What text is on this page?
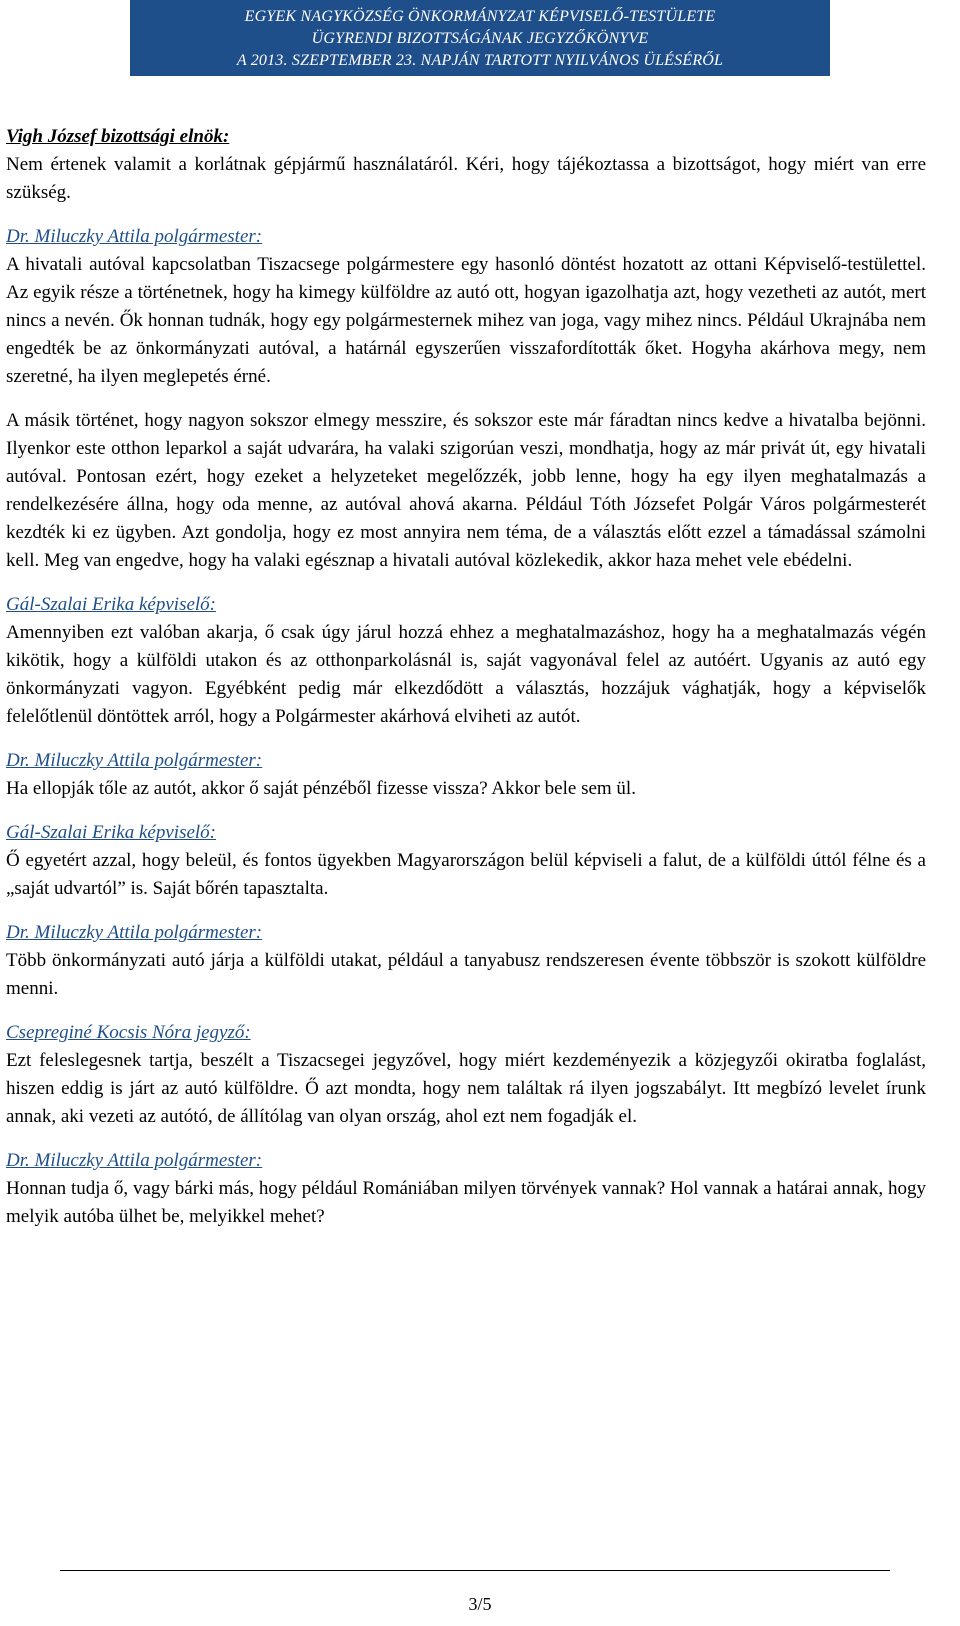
EGYEK NAGYKÖZSÉG ÖNKORMÁNYZAT KÉPVISELŐ-TESTÜLETE
ÜGYRENDI BIZOTTSÁGÁNAK JEGYZŐKÖNYVE
A 2013. SZEPTEMBER 23. NAPJÁN TARTOTT NYILVÁNOS ÜLÉSÉRŐL
Vigh József bizottsági elnök:

Nem értenek valamit a korlátnak gépjármű használatáról. Kéri, hogy tájékoztassa a bizottságot, hogy miért van erre szükség.

Dr. Miluczky Attila polgármester:

A hivatali autóval kapcsolatban Tiszacsege polgármestere egy hasonló döntést hozatott az ottani Képviselő-testülettel. Az egyik része a történetnek, hogy ha kimegy külföldre az autó ott, hogyan igazolhatja azt, hogy vezetheti az autót, mert nincs a nevén. Ők honnan tudnák, hogy egy polgármesternek mihez van joga, vagy mihez nincs. Például Ukrajnába nem engedték be az önkormányzati autóval, a határnál egyszerűen visszafordították őket. Hogyha akárhova megy, nem szeretné, ha ilyen meglepetés érné.

A másik történet, hogy nagyon sokszor elmegy messzire, és sokszor este már fáradtan nincs kedve a hivatalba bejönni. Ilyenkor este otthon leparkol a saját udvarára, ha valaki szigorúan veszi, mondhatja, hogy az már privát út, egy hivatali autóval. Pontosan ezért, hogy ezeket a helyzeteket megelőzzék, jobb lenne, hogy ha egy ilyen meghatalmazás a rendelkezésére állna, hogy oda menne, az autóval ahová akarna. Például Tóth Józsefet Polgár Város polgármesterét kezdték ki ez ügyben. Azt gondolja, hogy ez most annyira nem téma, de a választás előtt ezzel a támadással számolni kell. Meg van engedve, hogy ha valaki egésznap a hivatali autóval közlekedik, akkor haza mehet vele ebédelni.

Gál-Szalai Erika képviselő:

Amennyiben ezt valóban akarja, ő csak úgy járul hozzá ehhez a meghatalmazáshoz, hogy ha a meghatalmazás végén kikötik, hogy a külföldi utakon és az otthonparkolásnál is, saját vagyonával felel az autóért. Ugyanis az autó egy önkormányzati vagyon. Egyébként pedig már elkezdődött a választás, hozzájuk vághatják, hogy a képviselők felelőtlenül döntöttek arról, hogy a Polgármester akárhová elviheti az autót.

Dr. Miluczky Attila polgármester:

Ha ellopják tőle az autót, akkor ő saját pénzéből fizesse vissza? Akkor bele sem ül.

Gál-Szalai Erika képviselő:

Ő egyetért azzal, hogy beleül, és fontos ügyekben Magyarországon belül képviseli a falut, de a külföldi úttól félne és a „saját udvartól” is. Saját bőrén tapasztalta.

Dr. Miluczky Attila polgármester:

Több önkormányzati autó járja a külföldi utakat, például a tanyabusz rendszeresen évente többször is szokott külföldre menni.

Csepreginé Kocsis Nóra jegyző:

Ezt feleslegesnek tartja, beszélt a Tiszacsegei jegyzővel, hogy miért kezdeményezik a közjegyzői okiratba foglalást, hiszen eddig is járt az autó külföldre. Ő azt mondta, hogy nem találtak rá ilyen jogszabályt. Itt megbízó levelet írunk annak, aki vezeti az autótó, de állítólag van olyan ország, ahol ezt nem fogadják el.

Dr. Miluczky Attila polgármester:

Honnan tudja ő, vagy bárki más, hogy például Romániában milyen törvények vannak? Hol vannak a határai annak, hogy melyik autóba ülhet be, melyikkel mehet?

3/5
